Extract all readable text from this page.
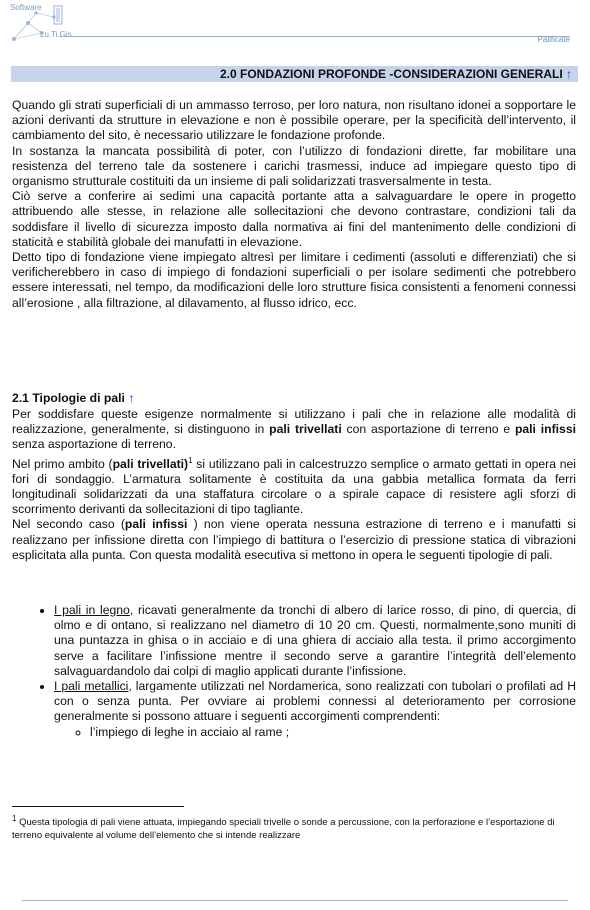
Software
Lu.Ti.Gis
Palificate
2.0 FONDAZIONI PROFONDE -CONSIDERAZIONI GENERALI ↑

Quando gli strati superficiali di un ammasso terroso, per loro natura, non risultano idonei a sopportare le azioni derivanti da strutture in elevazione e non è possibile operare, per la specificità dell’intervento, il cambiamento del sito, è necessario utilizzare le fondazione profonde.

In sostanza la mancata possibilità di poter, con l’utilizzo di fondazioni dirette, far mobilitare una resistenza del terreno tale da sostenere i carichi trasmessi, induce ad impiegare questo tipo di organismo strutturale costituiti da un insieme di pali solidarizzati trasversalmente in testa.

Ciò serve a conferire ai sedimi una capacità portante atta a salvaguardare le opere in progetto attribuendo alle stesse, in relazione alle sollecitazioni che devono contrastare, condizioni tali da soddisfare il livello di sicurezza imposto dalla normativa ai fini del mantenimento delle condizioni di staticità e stabilità globale dei manufatti in elevazione.

Detto tipo di fondazione viene impiegato altresì per limitare i cedimenti (assoluti e differenziati) che si verificherebbero in caso di impiego di fondazioni superficiali o per isolare sedimenti che potrebbero essere interessati, nel tempo, da modificazioni delle loro strutture fisica consistenti a fenomeni connessi all’erosione , alla filtrazione, al dilavamento, al flusso idrico, ecc.

2.1 Tipologie di pali ↑

Per soddisfare queste esigenze normalmente si utilizzano i pali che in relazione alle modalità di realizzazione, generalmente, si distinguono in pali trivellati con asportazione di terreno e pali infissi senza asportazione di terreno.

Nel primo ambito (pali trivellati)$^1$ si utilizzano pali in calcestruzzo semplice o armato gettati in opera nei fori di sondaggio. L’armatura solitamente è costituita da una gabbia metallica formata da ferri longitudinali solidarizzati da una staffatura circolare o a spirale capace di resistere agli sforzi di scorrimento derivanti da sollecitazioni di tipo tagliante.

Nel secondo caso (pali infissi ) non viene operata nessuna estrazione di terreno e i manufatti si realizzano per infissione diretta con l’impiego di battitura o l’esercizio di pressione statica di vibrazioni esplicitata alla punta. Con questa modalità esecutiva si mettono in opera le seguenti tipologie di pali.

• I pali in legno, ricavati generalmente da tronchi di albero di larice rosso, di pino, di quercia, di olmo e di ontano, si realizzano nel diametro di 10 20 cm. Questi, normalmente,sono muniti di una puntazza in ghisa o in acciaio e di una ghiera di acciaio alla testa. il primo accorgimento serve a facilitare l’infissione mentre il secondo serve a garantire l’integrità dell’elemento salvaguardandolo dai colpi di maglio applicati durante l’infissione.

• I pali metallici, largamente utilizzati nel Nordamerica, sono realizzati con tubolari o profilati ad H con o senza punta. Per ovviare ai problemi connessi al deterioramento per corrosione generalmente si possono attuare i seguenti accorgimenti comprendenti:

◦ l’impiego di leghe in acciaio al rame ;
$^1$ Questa tipologia di pali viene attuata, impiegando speciali trivelle o sonde a percussione, con la perforazione e l’esportazione di terreno equivalente al volume dell’elemento che si intende realizzare
